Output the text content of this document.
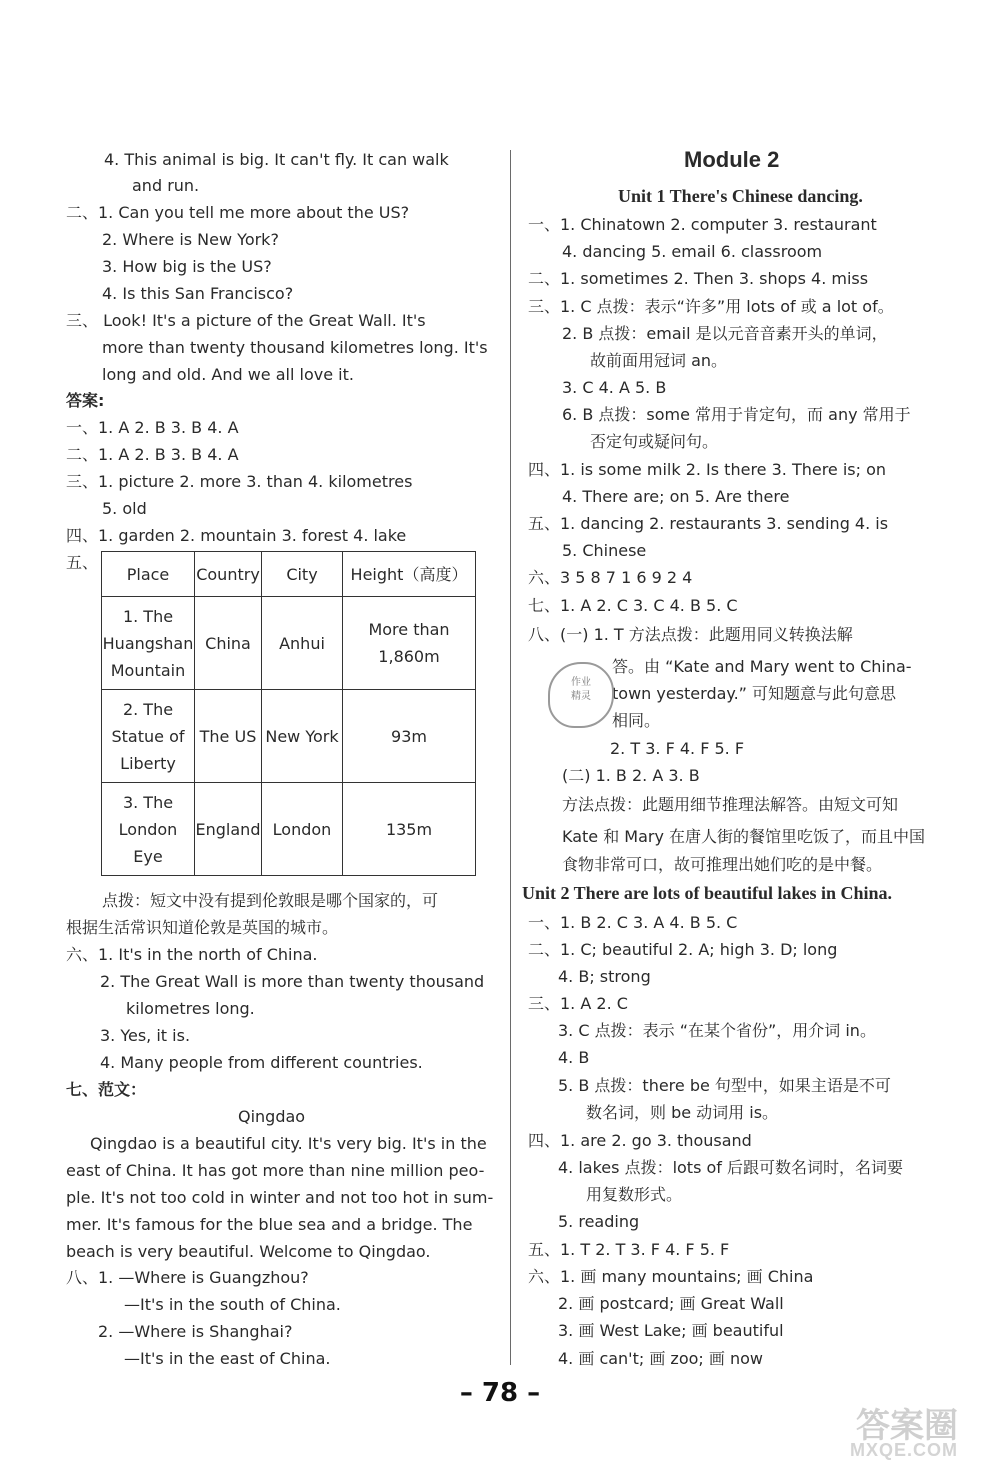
4. This animal is big. It can't fly. It can walk
and run.
二、1. Can you tell me more about the US?
2. Where is New York?
3. How big is the US?
4. Is this San Francisco?
三、 Look! It's a picture of the Great Wall. It's
more than twenty thousand kilometres long. It's
long and old. And we all love it.
答案:
一、1. A 2. B 3. B 4. A
二、1. A 2. B 3. B 4. A
三、1. picture 2. more 3. than 4. kilometres
5. old
四、1. garden 2. mountain 3. forest 4. lake
五、
Place	Country	City	Height（高度）
1. The Huangshan Mountain	China	Anhui	More than 1,860m
2. The Statue of Liberty	The US	New York	93m
3. The London Eye	England	London	135m
点拨：短文中没有提到伦敦眼是哪个国家的，可
根据生活常识知道伦敦是英国的城市。
六、1. It's in the north of China.
2. The Great Wall is more than twenty thousand
kilometres long.
3. Yes, it is.
4. Many people from different countries.
七、范文：
Qingdao
Qingdao is a beautiful city. It's very big. It's in the
east of China. It has got more than nine million peo-
ple. It's not too cold in winter and not too hot in sum-
mer. It's famous for the blue sea and a bridge. The
beach is very beautiful. Welcome to Qingdao.
八、1. —Where is Guangzhou?
—It's in the south of China.
2. —Where is Shanghai?
—It's in the east of China.
Module 2
Unit 1 There's Chinese dancing.
一、1. Chinatown 2. computer 3. restaurant
4. dancing 5. email 6. classroom
二、1. sometimes 2. Then 3. shops 4. miss
三、1. C 点拨：表示“许多”用 lots of 或 a lot of。
2. B 点拨：email 是以元音音素开头的单词，
故前面用冠词 an。
3. C 4. A 5. B
6. B 点拨：some 常用于肯定句，而 any 常用于
否定句或疑问句。
四、1. is some milk 2. Is there 3. There is; on
4. There are; on 5. Are there
五、1. dancing 2. restaurants 3. sending 4. is
5. Chinese
六、3 5 8 7 1 6 9 2 4
七、1. A 2. C 3. C 4. B 5. C
八、(一) 1. T 方法点拨：此题用同义转换法解
答。由 “Kate and Mary went to China-
town yesterday.” 可知题意与此句意思
相同。
2. T 3. F 4. F 5. F
(二) 1. B 2. A 3. B
方法点拨：此题用细节推理法解答。由短文可知
Kate 和 Mary 在唐人街的餐馆里吃饭了，而且中国
食物非常可口，故可推理出她们吃的是中餐。
作业
精灵
Unit 2 There are lots of beautiful lakes in China.
一、1. B 2. C 3. A 4. B 5. C
二、1. C; beautiful 2. A; high 3. D; long
4. B; strong
三、1. A 2. C
3. C 点拨：表示 “在某个省份”，用介词 in。
4. B
5. B 点拨：there be 句型中，如果主语是不可
数名词，则 be 动词用 is。
四、1. are 2. go 3. thousand
4. lakes 点拨：lots of 后跟可数名词时，名词要
用复数形式。
5. reading
五、1. T 2. T 3. F 4. F 5. F
六、1. 画 many mountains; 画 China
2. 画 postcard; 画 Great Wall
3. 画 West Lake; 画 beautiful
4. 画 can't; 画 zoo; 画 now
– 78 –
答案圈
MXQE.COM
